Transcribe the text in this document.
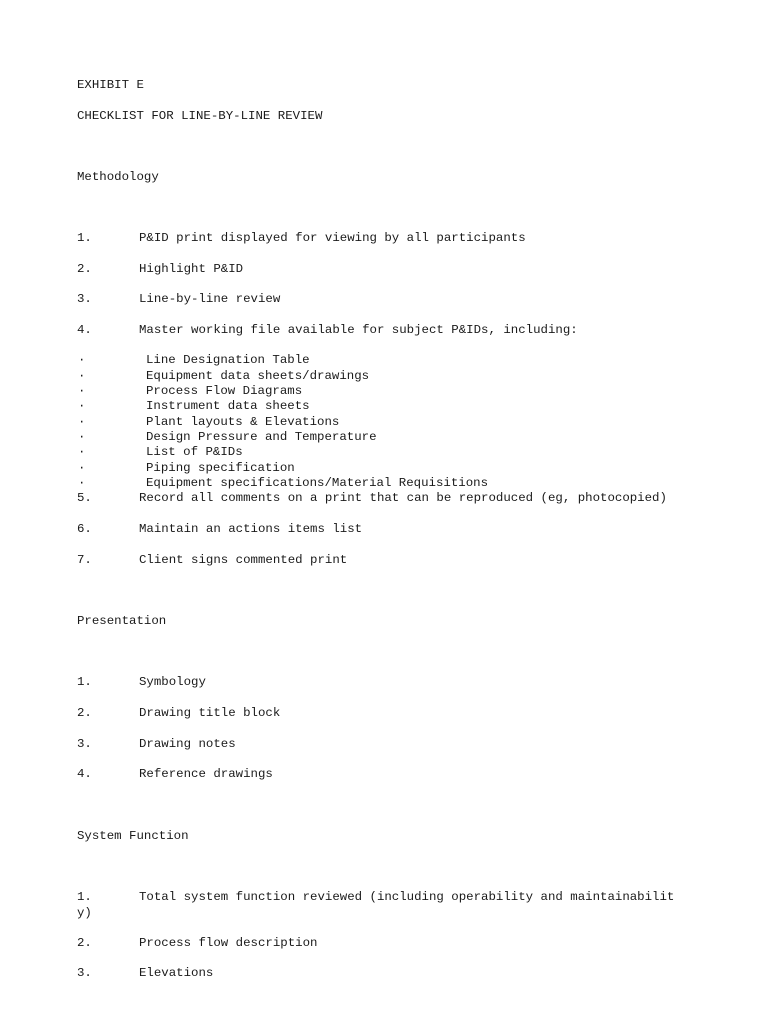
EXHIBIT E
CHECKLIST FOR LINE-BY-LINE REVIEW
Methodology
1.	P&ID print displayed for viewing by all participants
2.	Highlight P&ID
3.	Line-by-line review
4.	Master working file available for subject P&IDs, including:
·	Line Designation Table
·	Equipment data sheets/drawings
·	Process Flow Diagrams
·	Instrument data sheets
·	Plant layouts & Elevations
·	Design Pressure and Temperature
·	List of P&IDs
·	Piping specification
·	Equipment specifications/Material Requisitions
5.	Record all comments on a print that can be reproduced (eg, photocopied)
6.	Maintain an actions items list
7.	Client signs commented print
Presentation
1.	Symbology
2.	Drawing title block
3.	Drawing notes
4.	Reference drawings
System Function
1.	Total system function reviewed (including operability and maintainabilit
y)
2.	Process flow description
3.	Elevations
